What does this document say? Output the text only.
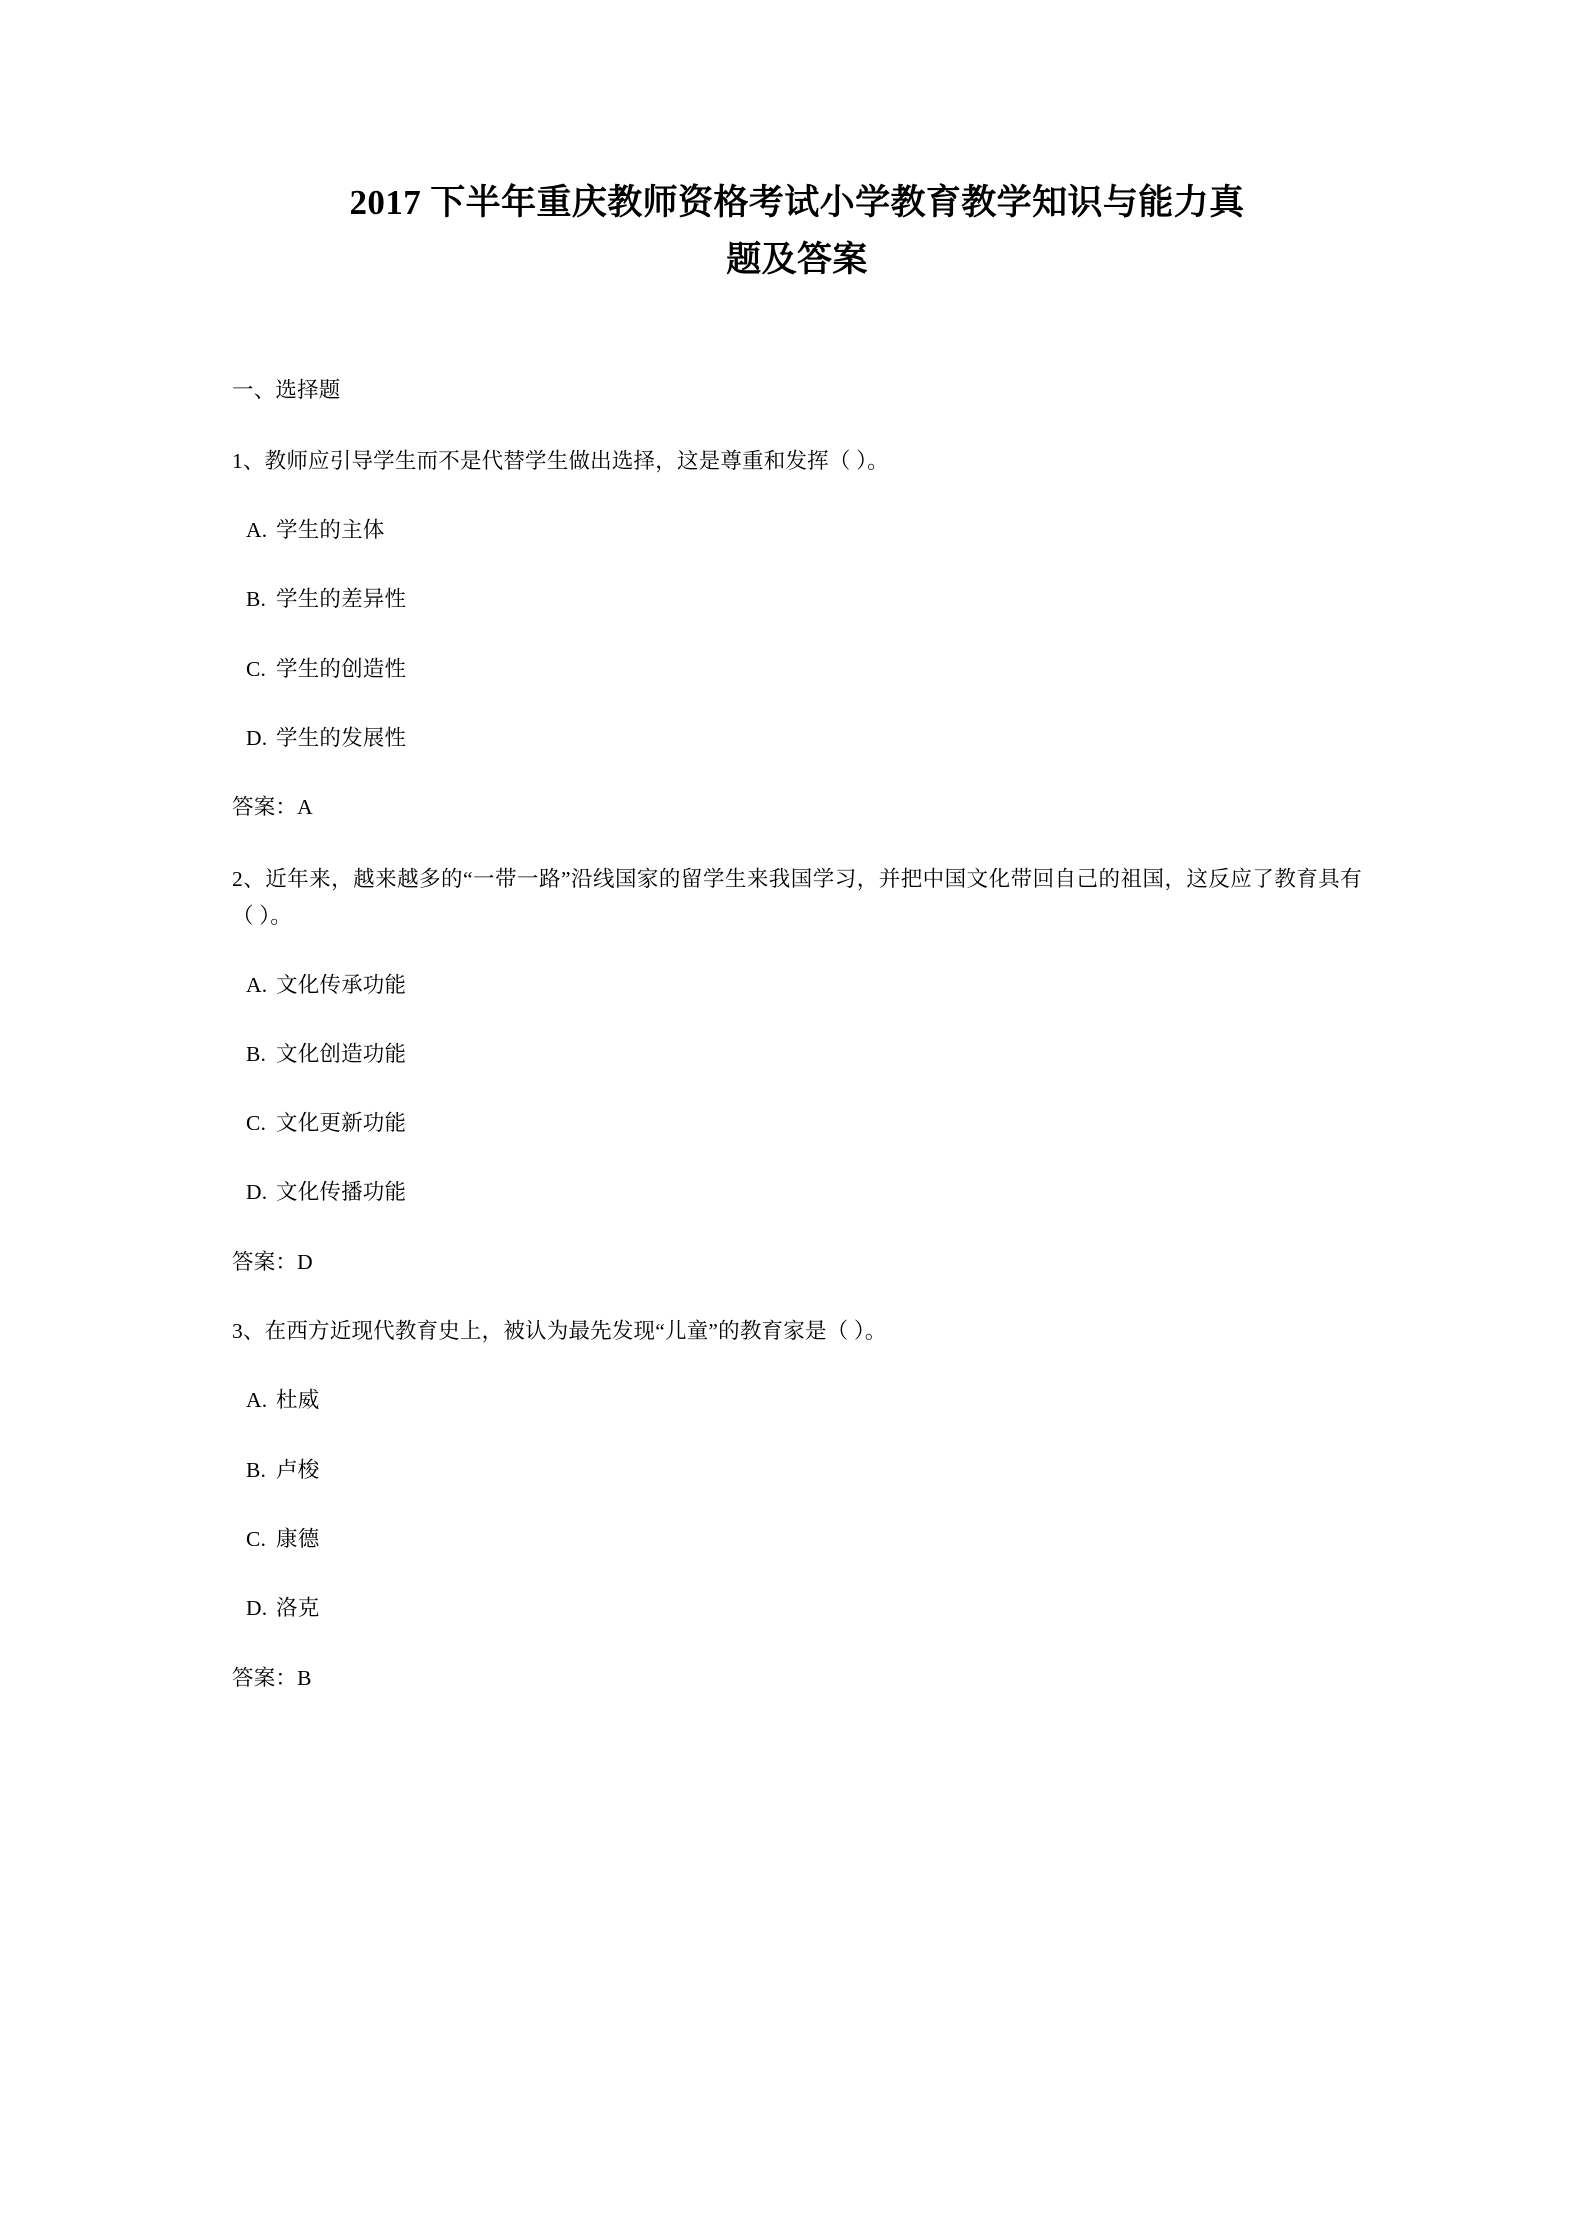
2017 下半年重庆教师资格考试小学教育教学知识与能力真
题及答案

一、选择题

1、教师应引导学生而不是代替学生做出选择，这是尊重和发挥（ ）。

A. 学生的主体

B. 学生的差异性

C. 学生的创造性

D. 学生的发展性

答案：A

2、近年来，越来越多的“一带一路”沿线国家的留学生来我国学习，并把中国文化带回自己的祖国，这反应了教育具有（ ）。

A. 文化传承功能

B. 文化创造功能

C. 文化更新功能

D. 文化传播功能

答案：D

3、在西方近现代教育史上，被认为最先发现“儿童”的教育家是（ ）。

A. 杜威

B. 卢梭

C. 康德

D. 洛克

答案：B
